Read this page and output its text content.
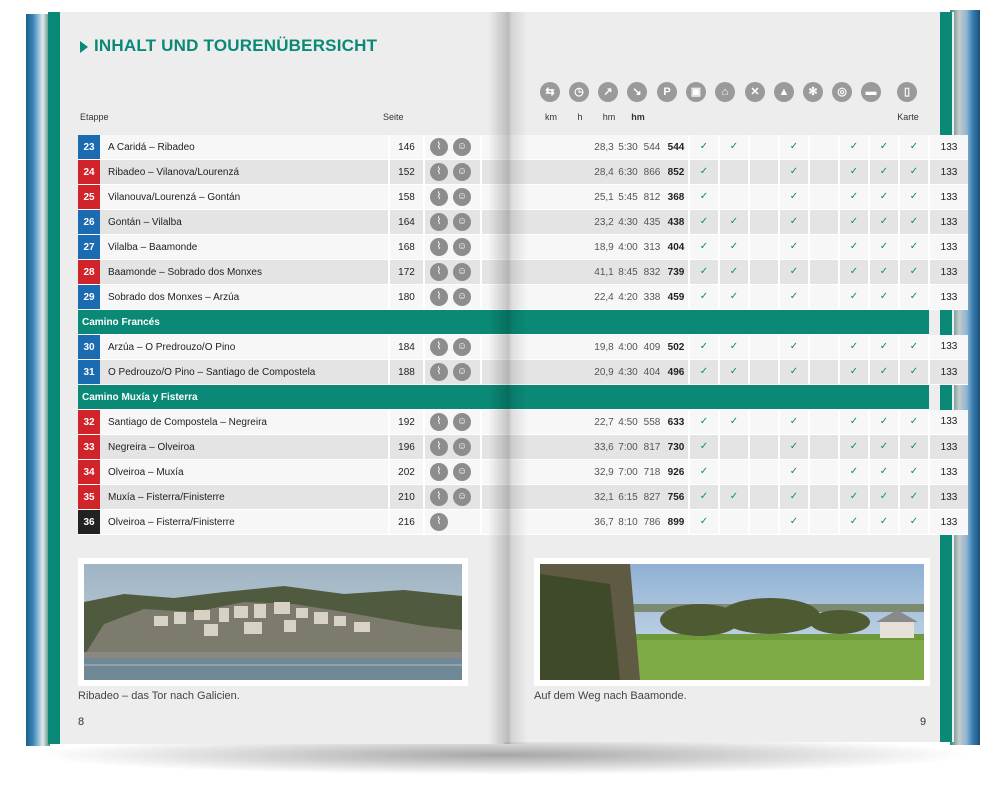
INHALT UND TOURENÜBERSICHT
Etappe	Seite	km	h	hm	hm	Karte
⇆	◷	↗	↘	P	▣	⌂	✕	▲	✻	◎	▬	▯
23	A Caridá – Ribadeo	146	⌇ ☺			28,3	5:30	544	544	✓	✓		✓		✓	✓	✓	133
24	Ribadeo – Vilanova/Lourenzá	152	⌇ ☺			28,4	6:30	866	852	✓			✓		✓	✓	✓	133
25	Vilanouva/Lourenzá – Gontán	158	⌇ ☺			25,1	5:45	812	368	✓			✓		✓	✓	✓	133
26	Gontán – Vilalba	164	⌇ ☺			23,2	4:30	435	438	✓	✓		✓		✓	✓	✓	133
27	Vilalba – Baamonde	168	⌇ ☺			18,9	4:00	313	404	✓	✓		✓		✓	✓	✓	133
28	Baamonde – Sobrado dos Monxes	172	⌇ ☺			41,1	8:45	832	739	✓	✓		✓		✓	✓	✓	133
29	Sobrado dos Monxes – Arzúa	180	⌇ ☺			22,4	4:20	338	459	✓	✓		✓		✓	✓	✓	133
Camino Francés																		
30	Arzúa – O Predrouzo/O Pino	184	⌇ ☺			19,8	4:00	409	502	✓	✓		✓		✓	✓	✓	133
31	O Pedrouzo/O Pino – Santiago de Compostela	188	⌇ ☺			20,9	4:30	404	496	✓	✓		✓		✓	✓	✓	133
Camino Muxía y Fisterra																		
32	Santiago de Compostela – Negreira	192	⌇ ☺			22,7	4:50	558	633	✓	✓		✓		✓	✓	✓	133
33	Negreira – Olveiroa	196	⌇ ☺			33,6	7:00	817	730	✓			✓		✓	✓	✓	133
34	Olveiroa – Muxía	202	⌇ ☺			32,9	7:00	718	926	✓			✓		✓	✓	✓	133
35	Muxía – Fisterra/Finisterre	210	⌇ ☺			32,1	6:15	827	756	✓	✓		✓		✓	✓	✓	133
36	Olveiroa – Fisterra/Finisterre	216	⌇			36,7	8:10	786	899	✓			✓		✓	✓	✓	133
Ribadeo – das Tor nach Galicien.	Auf dem Weg nach Baamonde.
8	9
